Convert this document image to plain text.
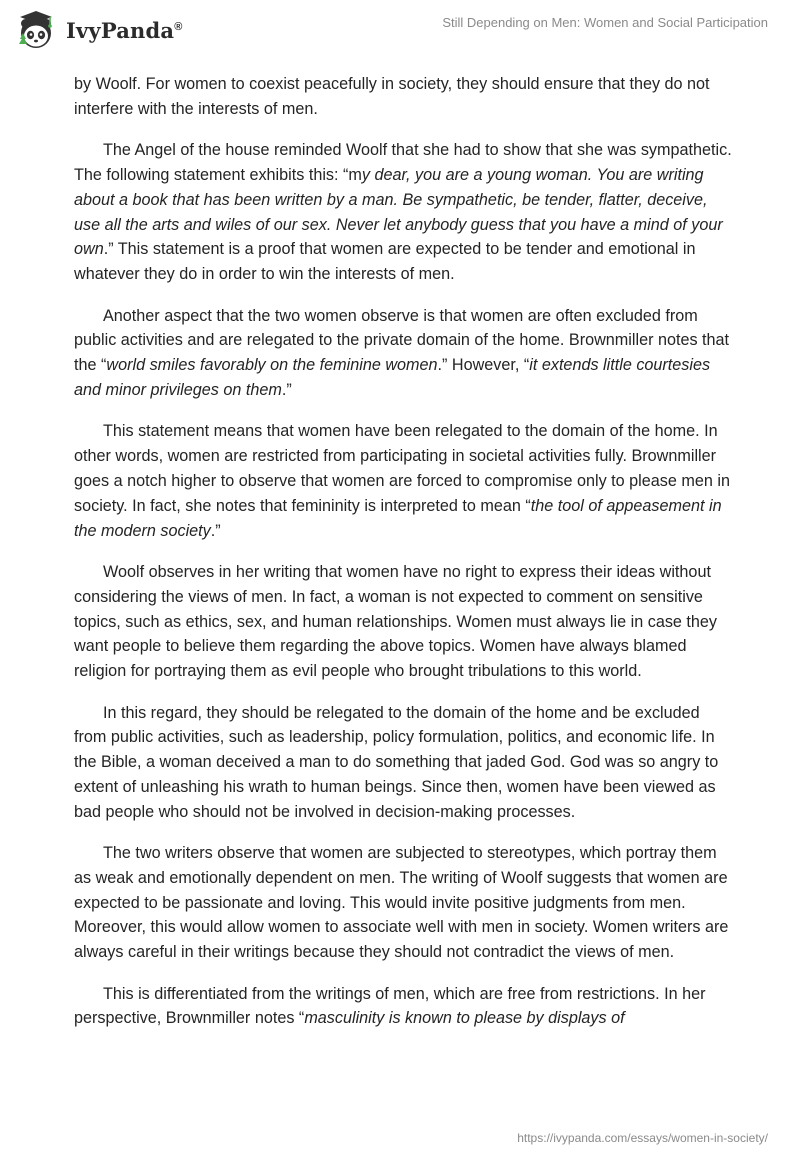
IvyPanda®	Still Depending on Men: Women and Social Participation

by Woolf. For women to coexist peacefully in society, they should ensure that they do not interfere with the interests of men.

The Angel of the house reminded Woolf that she had to show that she was sympathetic. The following statement exhibits this: “my dear, you are a young woman. You are writing about a book that has been written by a man. Be sympathetic, be tender, flatter, deceive, use all the arts and wiles of our sex. Never let anybody guess that you have a mind of your own.” This statement is a proof that women are expected to be tender and emotional in whatever they do in order to win the interests of men.

Another aspect that the two women observe is that women are often excluded from public activities and are relegated to the private domain of the home. Brownmiller notes that the “world smiles favorably on the feminine women.” However, “it extends little courtesies and minor privileges on them.”

This statement means that women have been relegated to the domain of the home. In other words, women are restricted from participating in societal activities fully. Brownmiller goes a notch higher to observe that women are forced to compromise only to please men in society. In fact, she notes that femininity is interpreted to mean “the tool of appeasement in the modern society.”

Woolf observes in her writing that women have no right to express their ideas without considering the views of men. In fact, a woman is not expected to comment on sensitive topics, such as ethics, sex, and human relationships. Women must always lie in case they want people to believe them regarding the above topics. Women have always blamed religion for portraying them as evil people who brought tribulations to this world.

In this regard, they should be relegated to the domain of the home and be excluded from public activities, such as leadership, policy formulation, politics, and economic life. In the Bible, a woman deceived a man to do something that jaded God. God was so angry to extent of unleashing his wrath to human beings. Since then, women have been viewed as bad people who should not be involved in decision-making processes.

The two writers observe that women are subjected to stereotypes, which portray them as weak and emotionally dependent on men. The writing of Woolf suggests that women are expected to be passionate and loving. This would invite positive judgments from men. Moreover, this would allow women to associate well with men in society. Women writers are always careful in their writings because they should not contradict the views of men.

This is differentiated from the writings of men, which are free from restrictions. In her perspective, Brownmiller notes “masculinity is known to please by displays of

https://ivypanda.com/essays/women-in-society/
